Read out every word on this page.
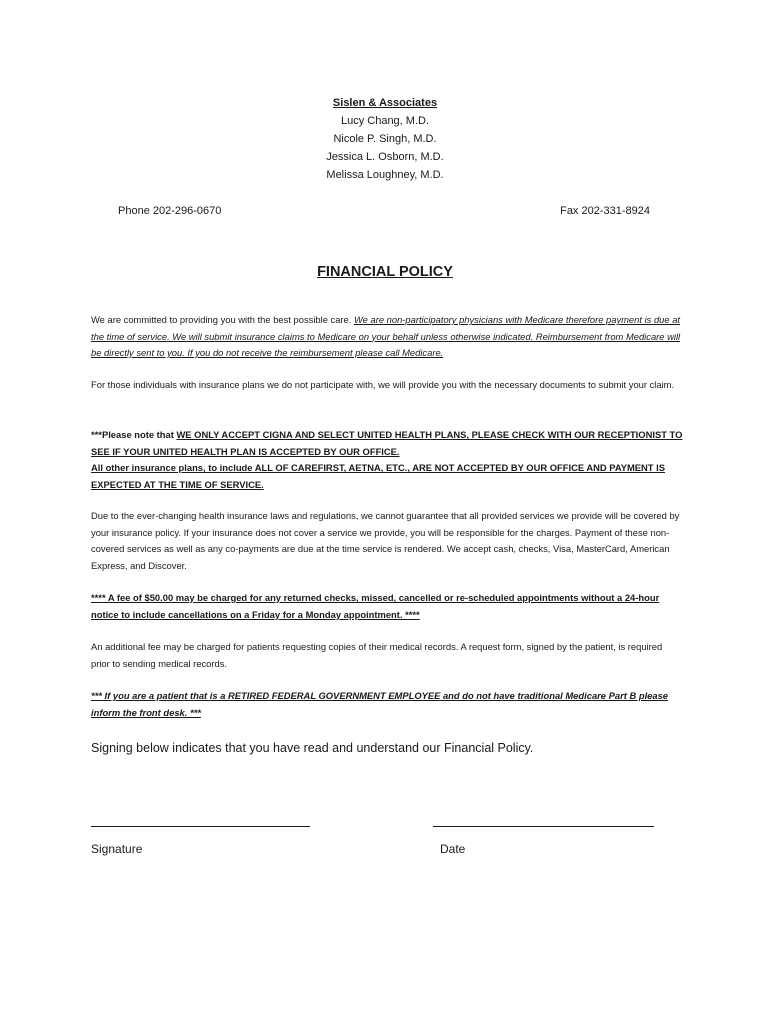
Sislen & Associates
Lucy Chang, M.D.
Nicole P. Singh, M.D.
Jessica L. Osborn, M.D.
Melissa Loughney, M.D.
Phone 202-296-0670	Fax 202-331-8924
FINANCIAL POLICY
We are committed to providing you with the best possible care. We are non-participatory physicians with Medicare therefore payment is due at the time of service. We will submit insurance claims to Medicare on your behalf unless otherwise indicated. Reimbursement from Medicare will be directly sent to you. If you do not receive the reimbursement please call Medicare.
For those individuals with insurance plans we do not participate with, we will provide you with the necessary documents to submit your claim.
***Please note that WE ONLY ACCEPT CIGNA AND SELECT UNITED HEALTH PLANS, PLEASE CHECK WITH OUR RECEPTIONIST TO SEE IF YOUR UNITED HEALTH PLAN IS ACCEPTED BY OUR OFFICE.
All other insurance plans, to include ALL OF CAREFIRST, AETNA, ETC., ARE NOT ACCEPTED BY OUR OFFICE AND PAYMENT IS EXPECTED AT THE TIME OF SERVICE.
Due to the ever-changing health insurance laws and regulations, we cannot guarantee that all provided services we provide will be covered by your insurance policy. If your insurance does not cover a service we provide, you will be responsible for the charges. Payment of these non-covered services as well as any co-payments are due at the time service is rendered. We accept cash, checks, Visa, MasterCard, American Express, and Discover.
**** A fee of $50.00 may be charged for any returned checks, missed, cancelled or re-scheduled appointments without a 24-hour notice to include cancellations on a Friday for a Monday appointment. ****
An additional fee may be charged for patients requesting copies of their medical records. A request form, signed by the patient, is required prior to sending medical records.
*** If you are a patient that is a RETIRED FEDERAL GOVERNMENT EMPLOYEE and do not have traditional Medicare Part B please inform the front desk. ***
Signing below indicates that you have read and understand our Financial Policy.
Signature	Date
